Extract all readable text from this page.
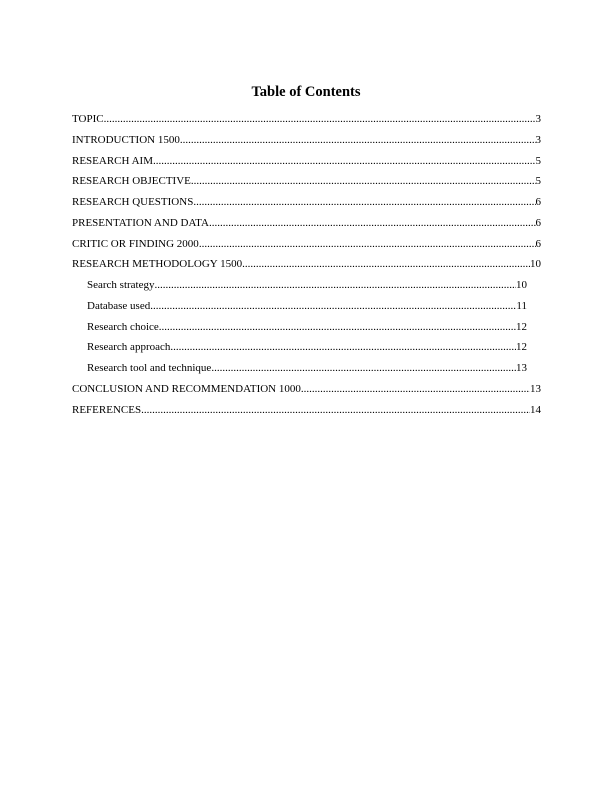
Table of Contents
TOPIC .....	3
INTRODUCTION 1500 .....	3
RESEARCH AIM .....	5
RESEARCH OBJECTIVE .....	5
RESEARCH QUESTIONS .....	6
PRESENTATION AND DATA .....	6
CRITIC OR FINDING 2000 .....	6
RESEARCH METHODOLOGY 1500 .....	10
Search strategy .....	10
Database used .....	11
Research choice .....	12
Research approach .....	12
Research tool and technique .....	13
CONCLUSION AND RECOMMENDATION 1000 .....	13
REFERENCES .....	14
